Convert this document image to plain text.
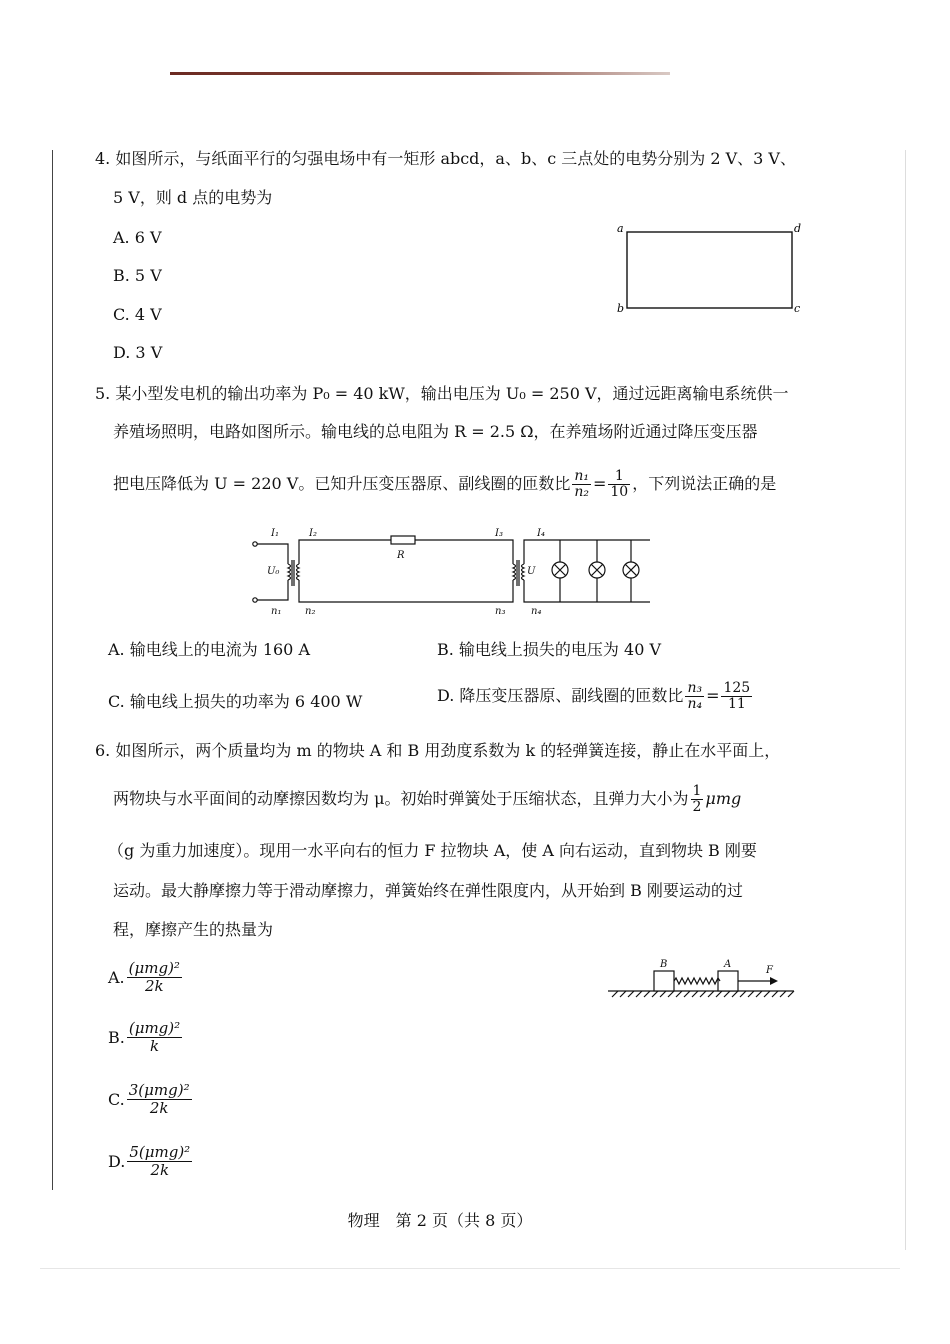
4. 如图所示，与纸面平行的匀强电场中有一矩形 abcd，a、b、c 三点处的电势分别为 2 V、3 V、
5 V，则 d 点的电势为
A. 6 V
B. 5 V
C. 4 V
D. 3 V
a	d
b	c
5. 某小型发电机的输出功率为 P₀ = 40 kW，输出电压为 U₀ = 250 V，通过远距离输电系统供一
养殖场照明，电路如图所示。输电线的总电阻为 R = 2.5 Ω，在养殖场附近通过降压变压器
把电压降低为 U = 220 V。已知升压变压器原、副线圈的匝数比 $\frac{\text{n₁}}{\text{n₂}} = \frac{1}{10}$ ，下列说法正确的是
I₁	I₂	I₃	I₄
R
U₀	U
n₁ n₂	n₃	n₄
A. 输电线上的电流为 160 A	B. 输电线上损失的电压为 40 V
C. 输电线上损失的功率为 6 400 W	D. 降压变压器原、副线圈的匝数比 $\frac{\text{n₃}}{\text{n₄}} = \frac{125}{11}$
6. 如图所示，两个质量均为 m 的物块 A 和 B 用劲度系数为 k 的轻弹簧连接，静止在水平面上，
两物块与水平面间的动摩擦因数均为 μ。初始时弹簧处于压缩状态，且弹力大小为 $\frac{1}{2}$ μmg
（g 为重力加速度）。现用一水平向右的恒力 F 拉物块 A，使 A 向右运动，直到物块 B 刚要
运动。最大静摩擦力等于滑动摩擦力，弹簧始终在弹性限度内，从开始到 B 刚要运动的过
程，摩擦产生的热量为
A. $\frac{\text{(μmg)²}}{2k}$
B. $\frac{\text{(μmg)²}}{k}$
C. $\frac{\text{3(μmg)²}}{2k}$
D. $\frac{\text{5(μmg)²}}{2k}$
B	A
F
物理　第 2 页（共 8 页）
